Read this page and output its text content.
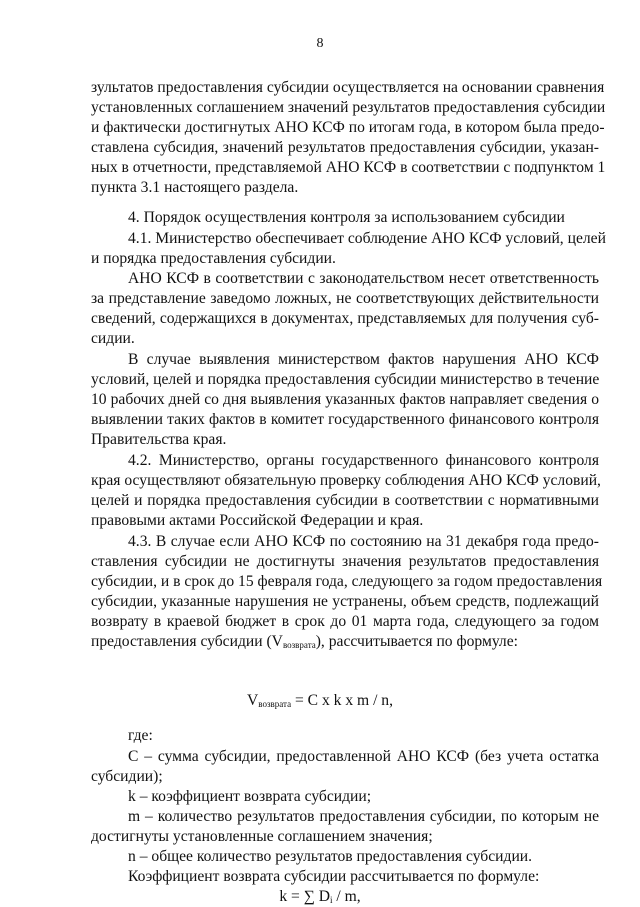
8

зультатов предоставления субсидии осуществляется на основании сравнения

установленных соглашением значений результатов предоставления субсидии

и фактически достигнутых АНО КСФ по итогам года, в котором была предо-

ставлена субсидия, значений результатов предоставления субсидии, указан-

ных в отчетности, представляемой АНО КСФ в соответствии с подпунктом 1

пункта 3.1 настоящего раздела.

4. Порядок осуществления контроля за использованием субсидии

4.1. Министерство обеспечивает соблюдение АНО КСФ условий, целей

и порядка предоставления субсидии.

АНО КСФ в соответствии с законодательством несет ответственность

за представление заведомо ложных, не соответствующих действительности

сведений, содержащихся в документах, представляемых для получения суб-

сидии.

В случае выявления министерством фактов нарушения АНО КСФ

условий, целей и порядка предоставления субсидии министерство в течение

10 рабочих дней со дня выявления указанных фактов направляет сведения о

выявлении таких фактов в комитет государственного финансового контроля

Правительства края.

4.2. Министерство, органы государственного финансового контроля

края осуществляют обязательную проверку соблюдения АНО КСФ условий,

целей и порядка предоставления субсидии в соответствии с нормативными

правовыми актами Российской Федерации и края.

4.3. В случае если АНО КСФ по состоянию на 31 декабря года предо-

ставления субсидии не достигнуты значения результатов предоставления

субсидии, и в срок до 15 февраля года, следующего за годом предоставления

субсидии, указанные нарушения не устранены, объем средств, подлежащий

возврату в краевой бюджет в срок до 01 марта года, следующего за годом

предоставления субсидии $(V_{возврата})$, рассчитывается по формуле:

$V_{возврата} = C$ x k x m / n,

где:

C – сумма субсидии, предоставленной АНО КСФ (без учета остатка

субсидии);

k – коэффициент возврата субсидии;

m – количество результатов предоставления субсидии, по которым не

достигнуты установленные соглашением значения;

n – общее количество результатов предоставления субсидии.

Коэффициент возврата субсидии рассчитывается по формуле:

k = ∑ $D_i$ / m,
